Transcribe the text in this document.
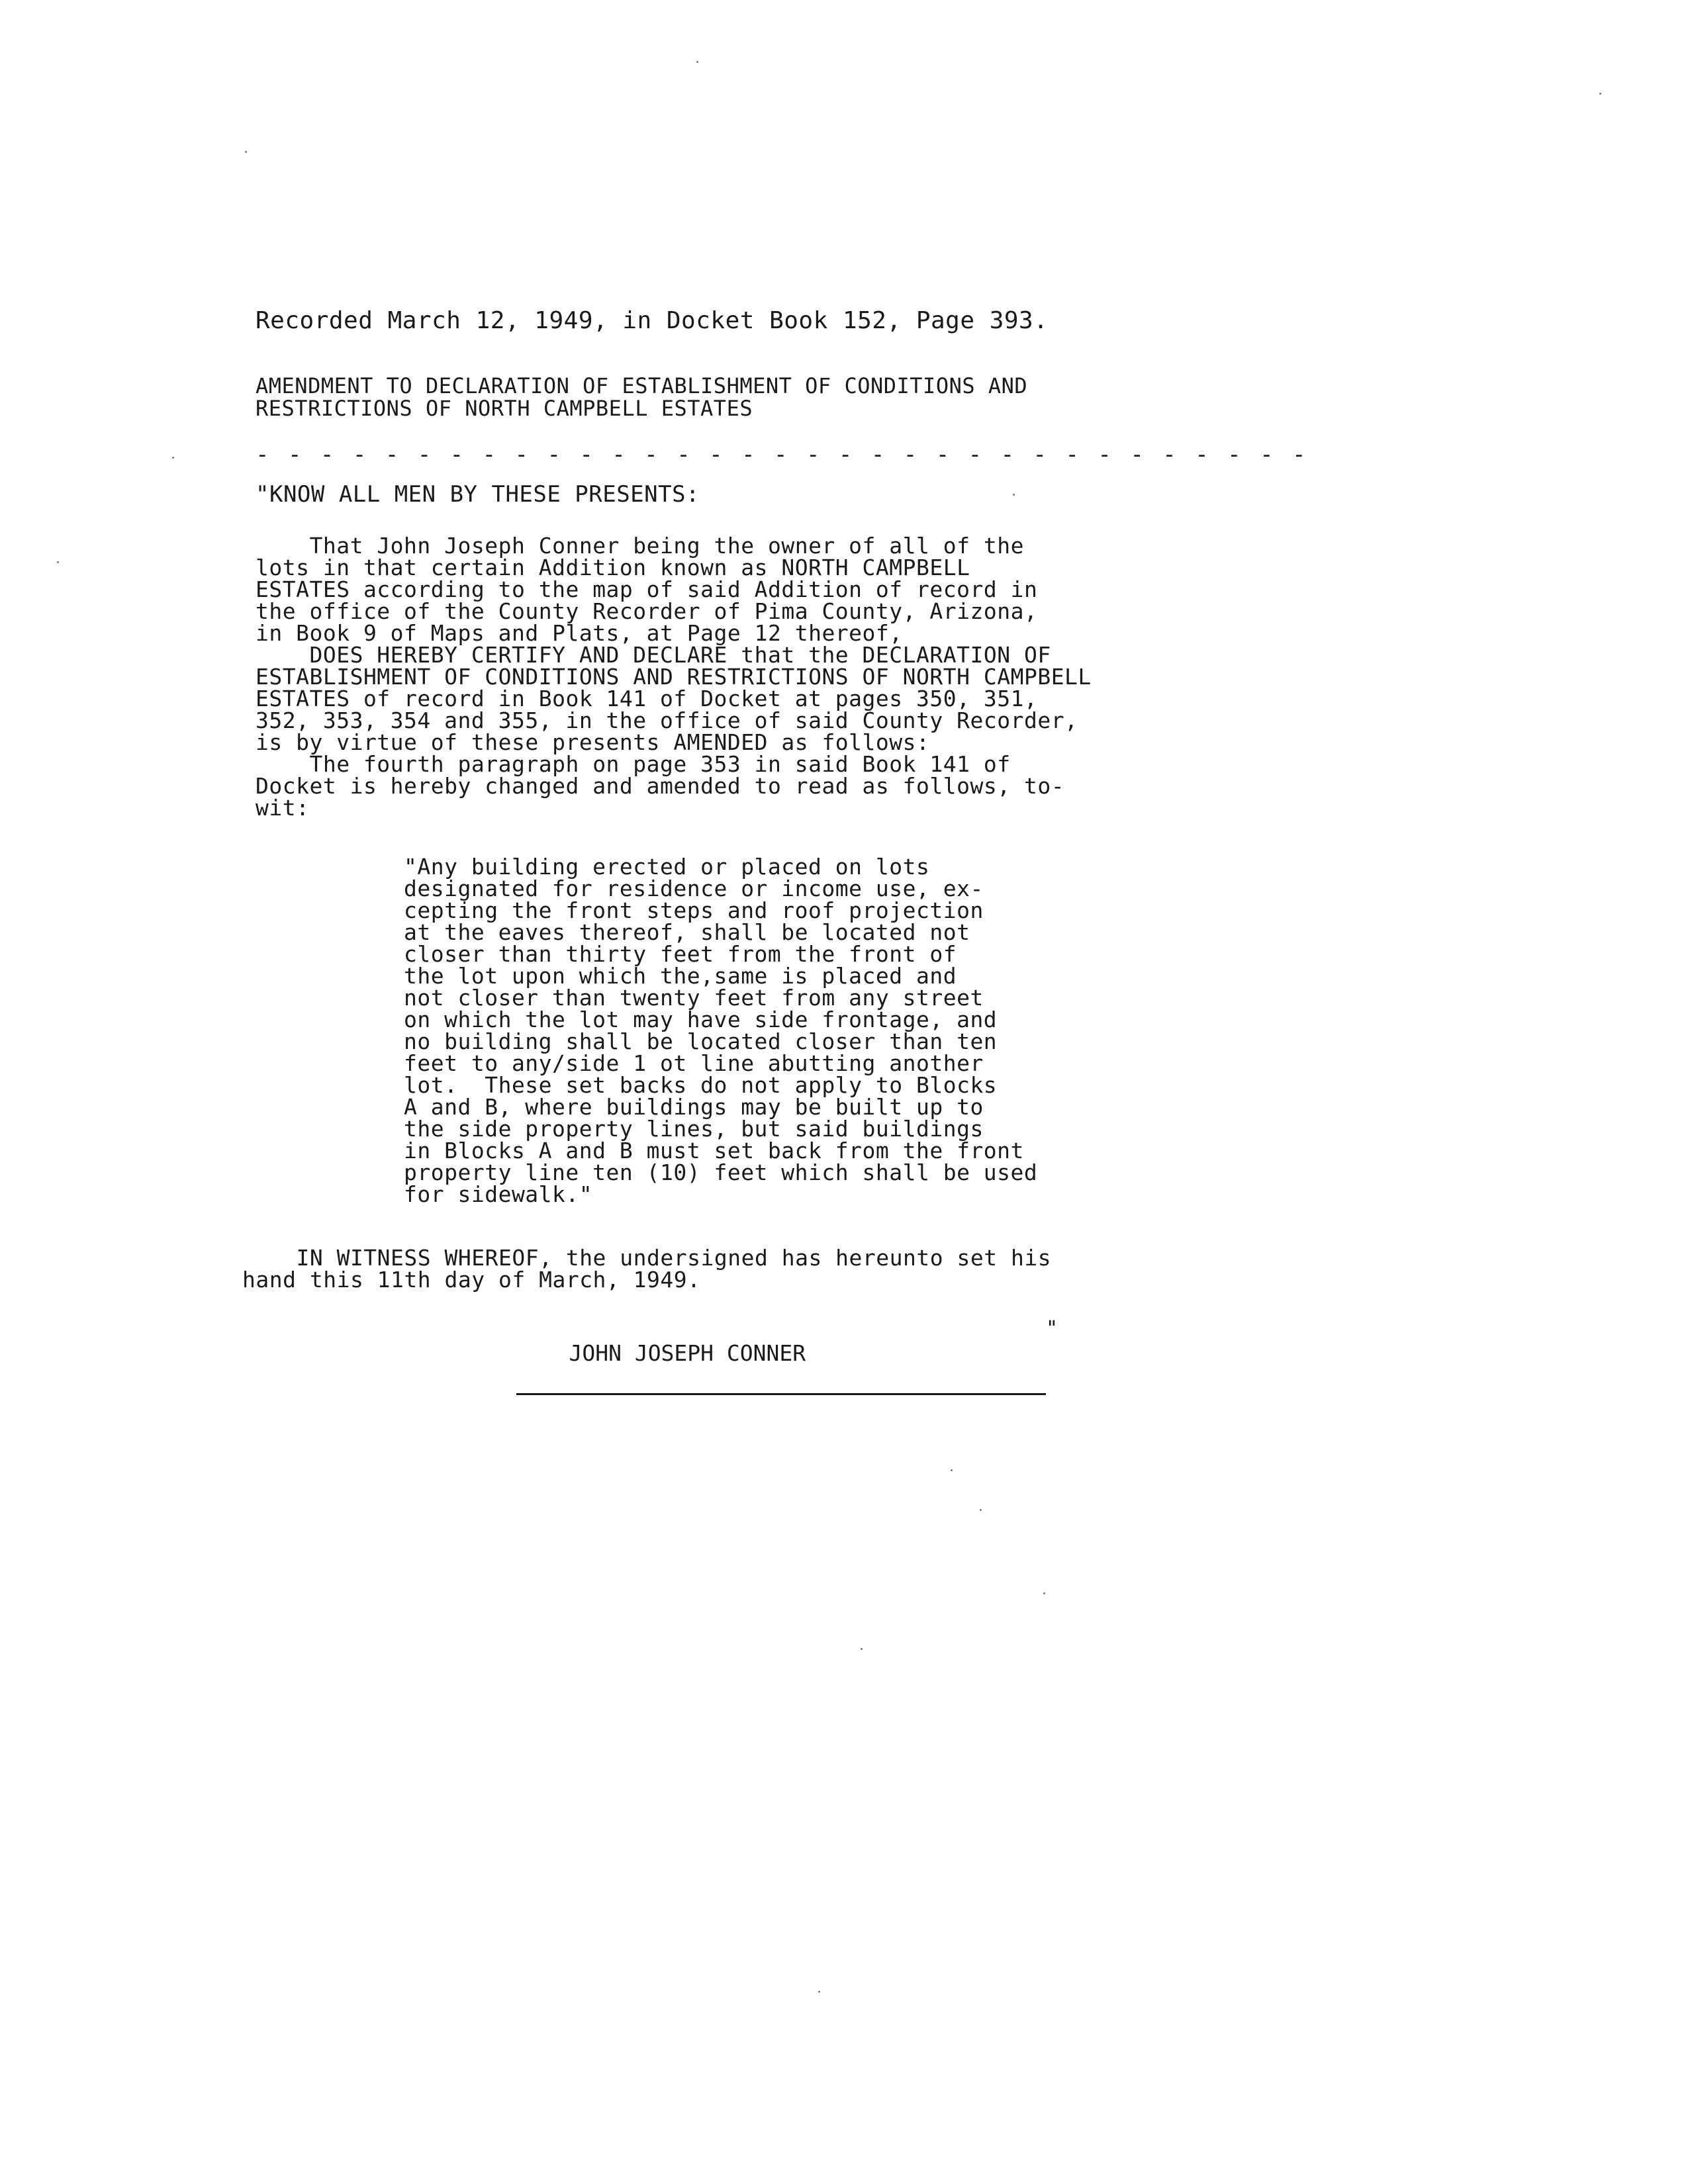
Recorded March 12, 1949, in Docket Book 152, Page 393.
AMENDMENT TO DECLARATION OF ESTABLISHMENT OF CONDITIONS AND
RESTRICTIONS OF NORTH CAMPBELL ESTATES
- - - - - - - - - - - - - - - - - - - - - - - - - - - - - - - - -
"KNOW ALL MEN BY THESE PRESENTS:
That John Joseph Conner being the owner of all of the
lots in that certain Addition known as NORTH CAMPBELL
ESTATES according to the map of said Addition of record in
the office of the County Recorder of Pima County, Arizona,
in Book 9 of Maps and Plats, at Page 12 thereof,
DOES HEREBY CERTIFY AND DECLARE that the DECLARATION OF
ESTABLISHMENT OF CONDITIONS AND RESTRICTIONS OF NORTH CAMPBELL
ESTATES of record in Book 141 of Docket at pages 350, 351,
352, 353, 354 and 355, in the office of said County Recorder,
is by virtue of these presents AMENDED as follows:
The fourth paragraph on page 353 in said Book 141 of
Docket is hereby changed and amended to read as follows, to-
wit:
"Any building erected or placed on lots
designated for residence or income use, ex-
cepting the front steps and roof projection
at the eaves thereof, shall be located not
closer than thirty feet from the front of
the lot upon which the,same is placed and
not closer than twenty feet from any street
on which the lot may have side frontage, and
no building shall be located closer than ten
feet to any/side 1 ot line abutting another
lot.  These set backs do not apply to Blocks
A and B, where buildings may be built up to
the side property lines, but said buildings
in Blocks A and B must set back from the front
property line ten (10) feet which shall be used
for sidewalk."
IN WITNESS WHEREOF, the undersigned has hereunto set his
hand this 11th day of March, 1949.

JOHN JOSEPH CONNER

"
